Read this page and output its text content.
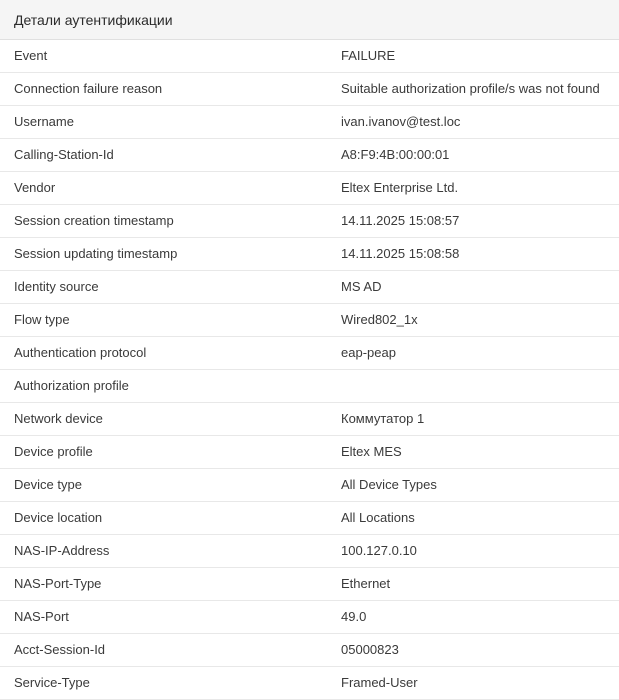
Детали аутентификации
Event	FAILURE
Connection failure reason	Suitable authorization profile/s was not found
Username	ivan.ivanov@test.loc
Calling-Station-Id	A8:F9:4B:00:00:01
Vendor	Eltex Enterprise Ltd.
Session creation timestamp	14.11.2025 15:08:57
Session updating timestamp	14.11.2025 15:08:58
Identity source	MS AD
Flow type	Wired802_1x
Authentication protocol	eap-peap
Authorization profile	
Network device	Коммутатор 1
Device profile	Eltex MES
Device type	All Device Types
Device location	All Locations
NAS-IP-Address	100.127.0.10
NAS-Port-Type	Ethernet
NAS-Port	49.0
Acct-Session-Id	05000823
Service-Type	Framed-User
